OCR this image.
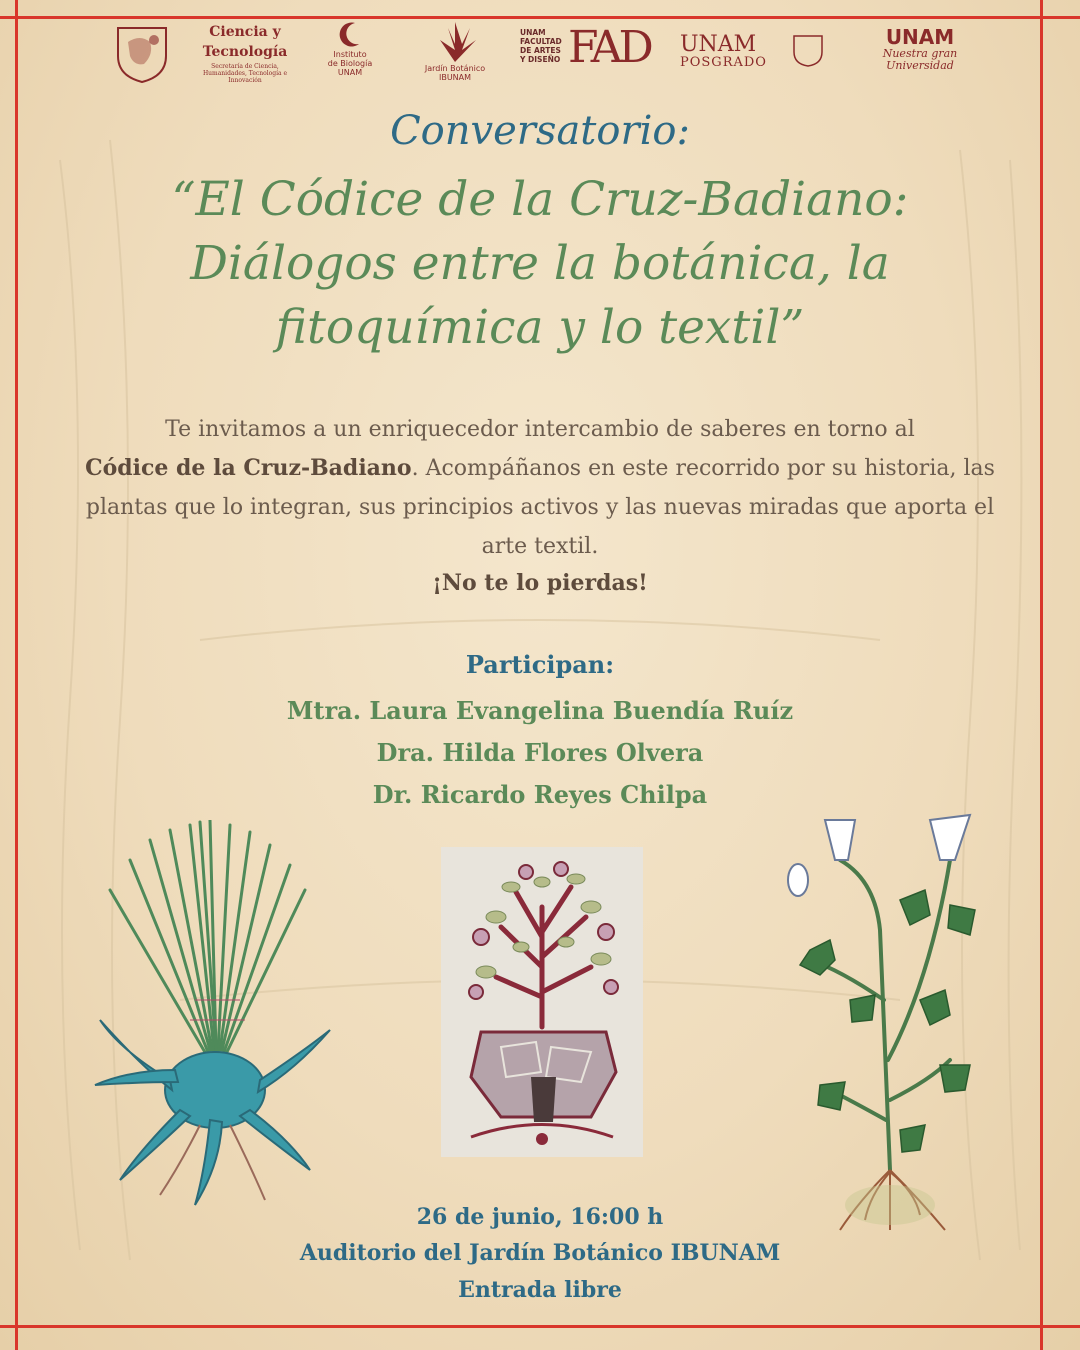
Ciencia y
Tecnología
Secretaría de Ciencia, Humanidades, Tecnología e Innovación
Instituto
de Biología
UNAM	Jardín Botánico
IBUNAM
UNAM
FACULTAD
DE ARTES
Y DISEÑO FAD UNAM
POSGRADO
UNAM
Nuestra gran
Universidad
Conversatorio:
“El Códice de la Cruz-Badiano:
Diálogos entre la botánica, la
fitoquímica y lo textil”
Te invitamos a un enriquecedor intercambio de saberes en torno al
Códice de la Cruz-Badiano. Acompáñanos en este recorrido por su historia, las plantas que lo integran, sus principios activos y las nuevas miradas que aporta el arte textil.
¡No te lo pierdas!
Participan:
Mtra. Laura Evangelina Buendía Ruíz
Dra. Hilda Flores Olvera
Dr. Ricardo Reyes Chilpa
26 de junio, 16:00 h
Auditorio del Jardín Botánico IBUNAM
Entrada libre
